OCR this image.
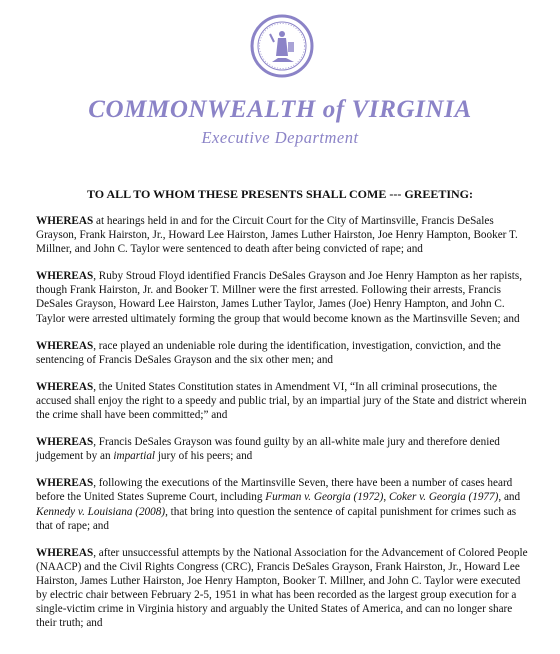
COMMONWEALTH of VIRGINIA
Executive Department
TO ALL TO WHOM THESE PRESENTS SHALL COME --- GREETING:

WHEREAS at hearings held in and for the Circuit Court for the City of Martinsville, Francis DeSales Grayson, Frank Hairston, Jr., Howard Lee Hairston, James Luther Hairston, Joe Henry Hampton, Booker T. Millner, and John C. Taylor were sentenced to death after being convicted of rape; and

WHEREAS, Ruby Stroud Floyd identified Francis DeSales Grayson and Joe Henry Hampton as her rapists, though Frank Hairston, Jr. and Booker T. Millner were the first arrested. Following their arrests, Francis DeSales Grayson, Howard Lee Hairston, James Luther Taylor, James (Joe) Henry Hampton, and John C. Taylor were arrested ultimately forming the group that would become known as the Martinsville Seven; and

WHEREAS, race played an undeniable role during the identification, investigation, conviction, and the sentencing of Francis DeSales Grayson and the six other men; and

WHEREAS, the United States Constitution states in Amendment VI, “In all criminal prosecutions, the accused shall enjoy the right to a speedy and public trial, by an impartial jury of the State and district wherein the crime shall have been committed;” and

WHEREAS, Francis DeSales Grayson was found guilty by an all-white male jury and therefore denied judgement by an impartial jury of his peers; and

WHEREAS, following the executions of the Martinsville Seven, there have been a number of cases heard before the United States Supreme Court, including Furman v. Georgia (1972), Coker v. Georgia (1977), and Kennedy v. Louisiana (2008), that bring into question the sentence of capital punishment for crimes such as that of rape; and

WHEREAS, after unsuccessful attempts by the National Association for the Advancement of Colored People (NAACP) and the Civil Rights Congress (CRC), Francis DeSales Grayson, Frank Hairston, Jr., Howard Lee Hairston, James Luther Hairston, Joe Henry Hampton, Booker T. Millner, and John C. Taylor were executed by electric chair between February 2-5, 1951 in what has been recorded as the largest group execution for a single-victim crime in Virginia history and arguably the United States of America, and can no longer share their truth; and
